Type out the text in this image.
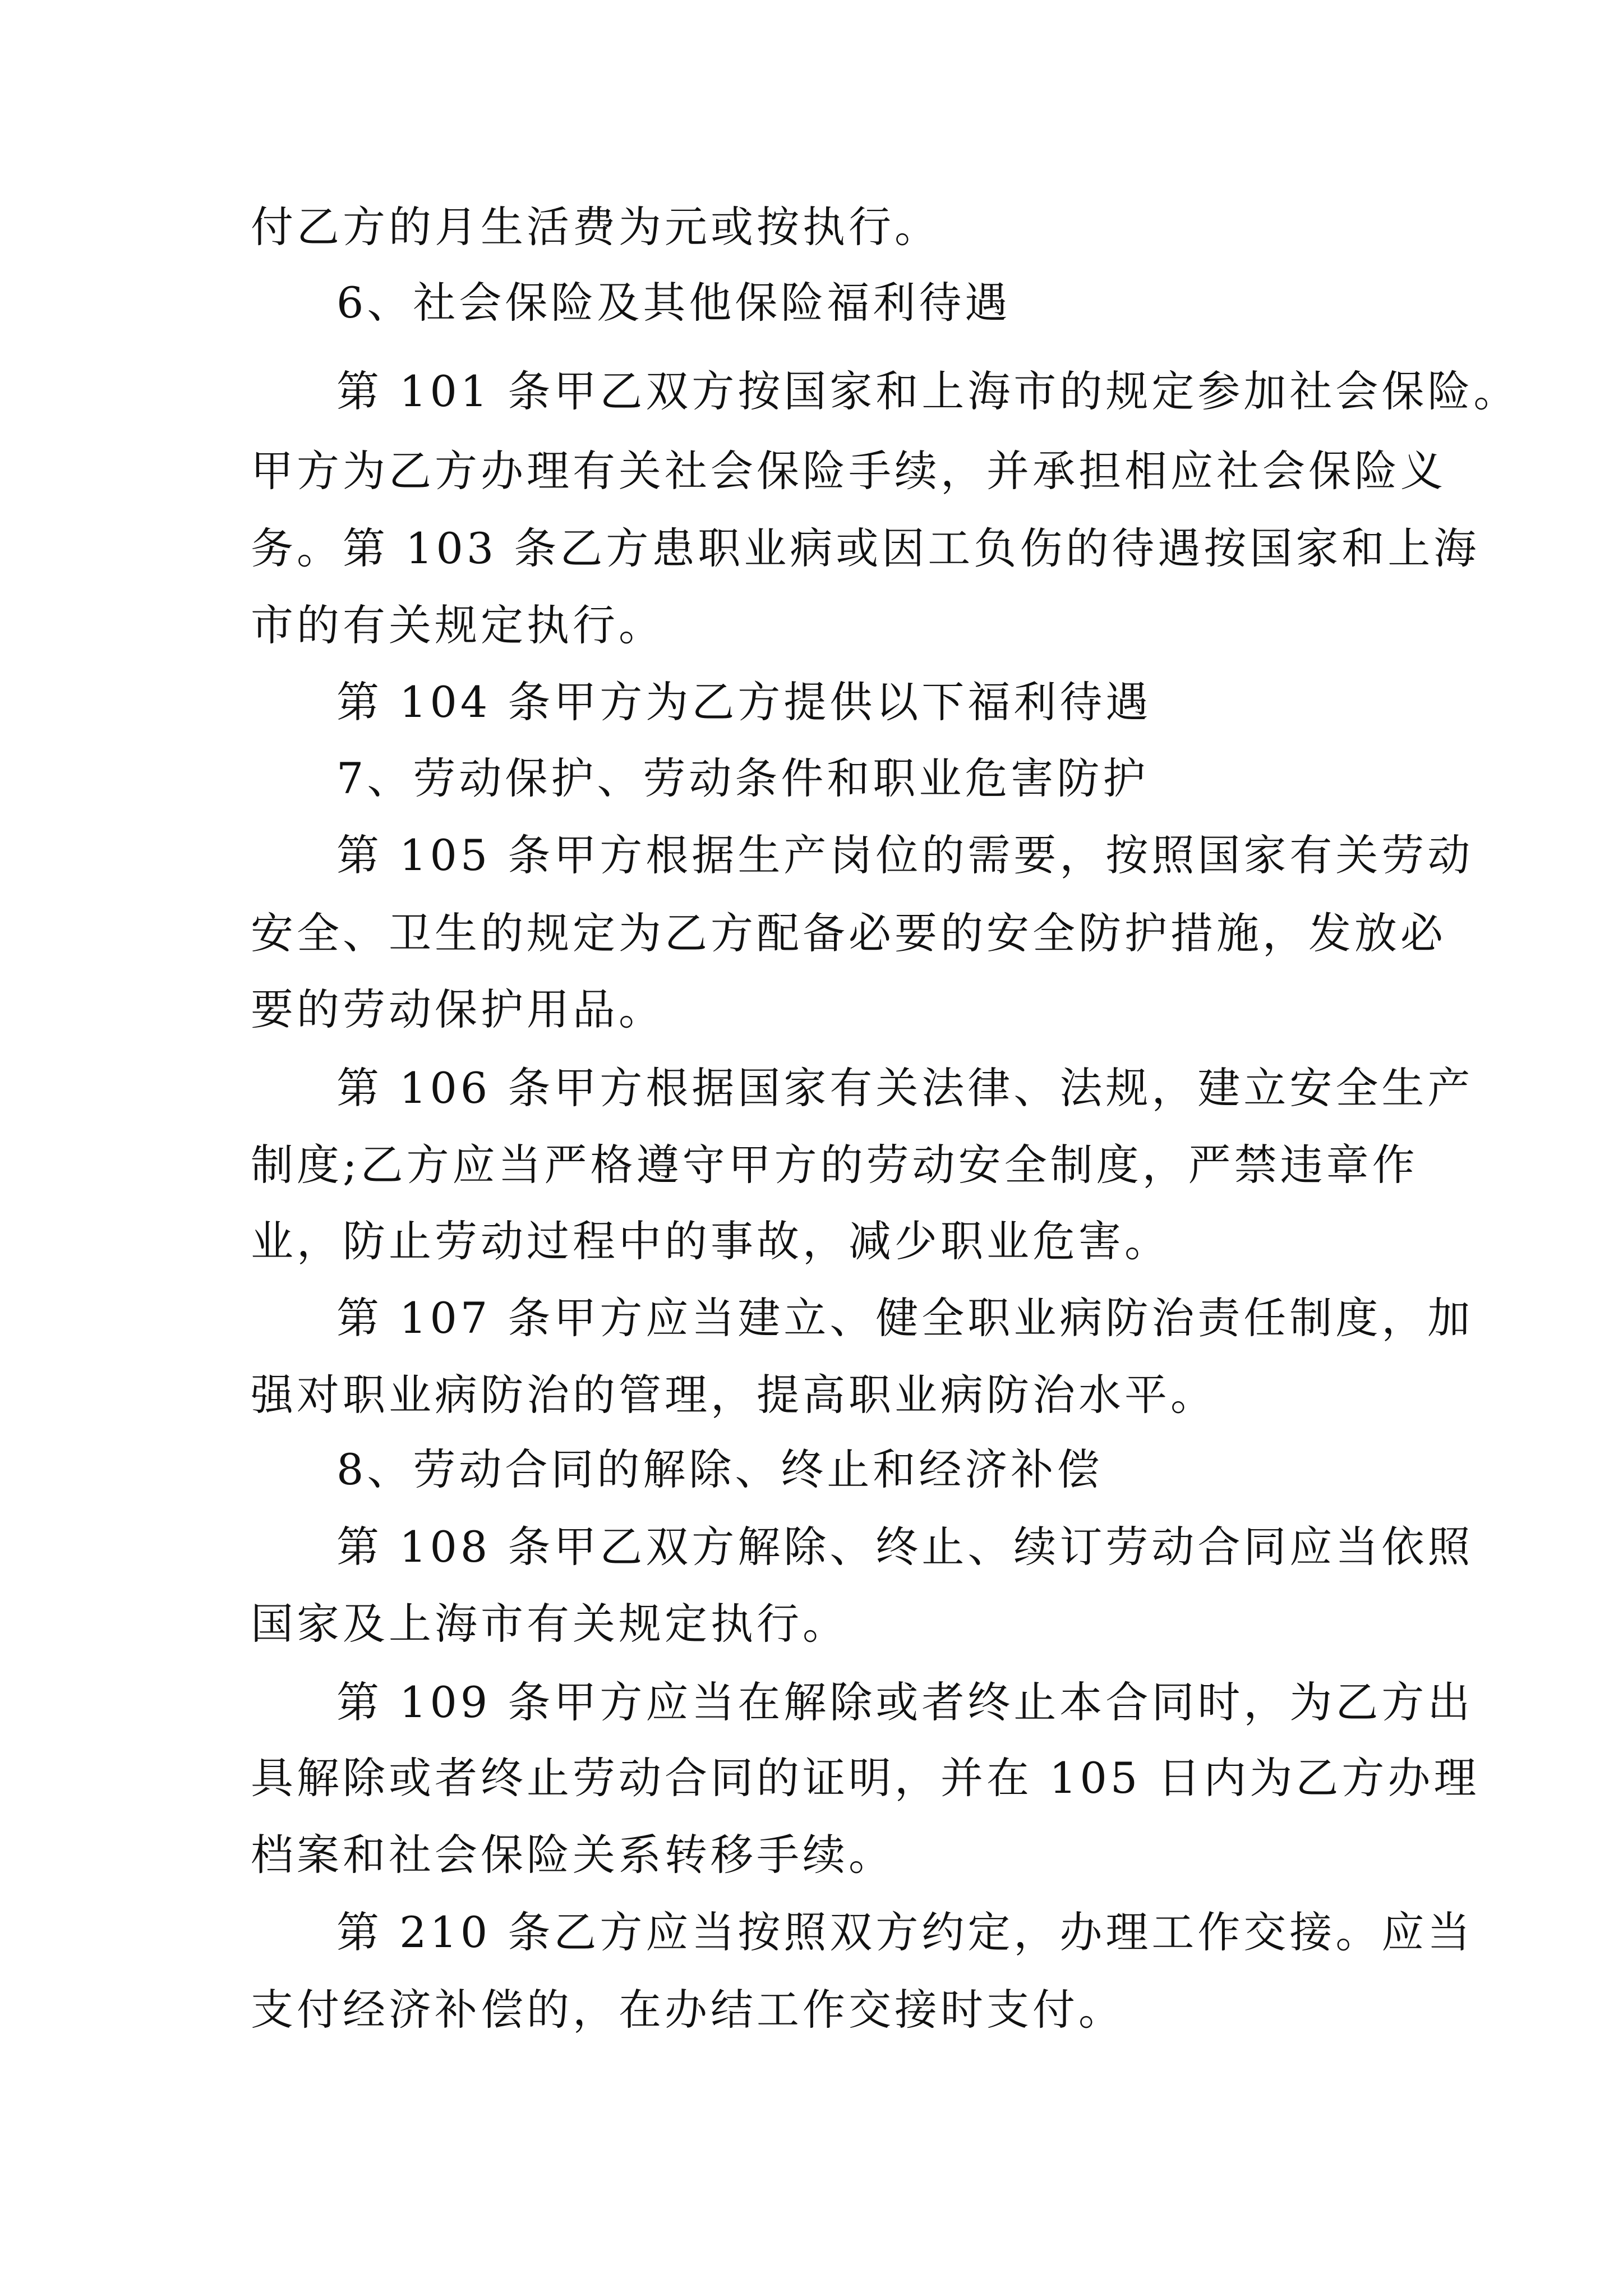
付乙方的月生活费为元或按执行。
6、社会保险及其他保险福利待遇
第 101 条甲乙双方按国家和上海市的规定参加社会保险。
甲方为乙方办理有关社会保险手续，并承担相应社会保险义
务。第 103 条乙方患职业病或因工负伤的待遇按国家和上海
市的有关规定执行。
第 104 条甲方为乙方提供以下福利待遇
7、劳动保护、劳动条件和职业危害防护
第 105 条甲方根据生产岗位的需要，按照国家有关劳动
安全、卫生的规定为乙方配备必要的安全防护措施，发放必
要的劳动保护用品。
第 106 条甲方根据国家有关法律、法规，建立安全生产
制度;乙方应当严格遵守甲方的劳动安全制度，严禁违章作
业，防止劳动过程中的事故，减少职业危害。
第 107 条甲方应当建立、健全职业病防治责任制度，加
强对职业病防治的管理，提高职业病防治水平。
8、劳动合同的解除、终止和经济补偿
第 108 条甲乙双方解除、终止、续订劳动合同应当依照
国家及上海市有关规定执行。
第 109 条甲方应当在解除或者终止本合同时，为乙方出
具解除或者终止劳动合同的证明，并在 105 日内为乙方办理
档案和社会保险关系转移手续。
第 210 条乙方应当按照双方约定，办理工作交接。应当
支付经济补偿的，在办结工作交接时支付。
